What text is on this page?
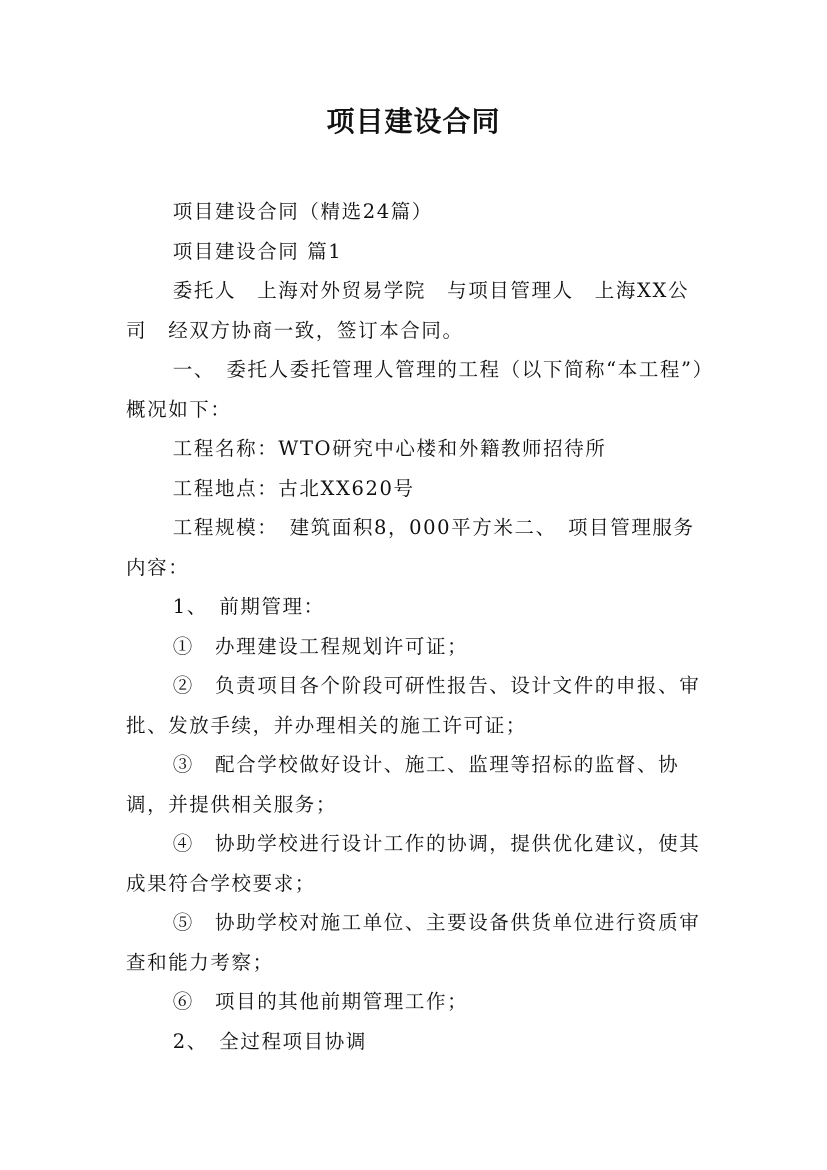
项目建设合同

项目建设合同（精选24篇）

项目建设合同 篇1

委托人　上海对外贸易学院　与项目管理人　上海XX公司　经双方协商一致，签订本合同。

一、　委托人委托管理人管理的工程（以下简称“本工程”）概况如下：

工程名称：WTO研究中心楼和外籍教师招待所

工程地点：古北XX620号

工程规模：　建筑面积8，000平方米二、　项目管理服务内容：

1、　前期管理：

①　办理建设工程规划许可证；

②　负责项目各个阶段可研性报告、设计文件的申报、审批、发放手续，并办理相关的施工许可证；

③　配合学校做好设计、施工、监理等招标的监督、协调，并提供相关服务；

④　协助学校进行设计工作的协调，提供优化建议，使其成果符合学校要求；

⑤　协助学校对施工单位、主要设备供货单位进行资质审查和能力考察；

⑥　项目的其他前期管理工作；

2、　全过程项目协调
